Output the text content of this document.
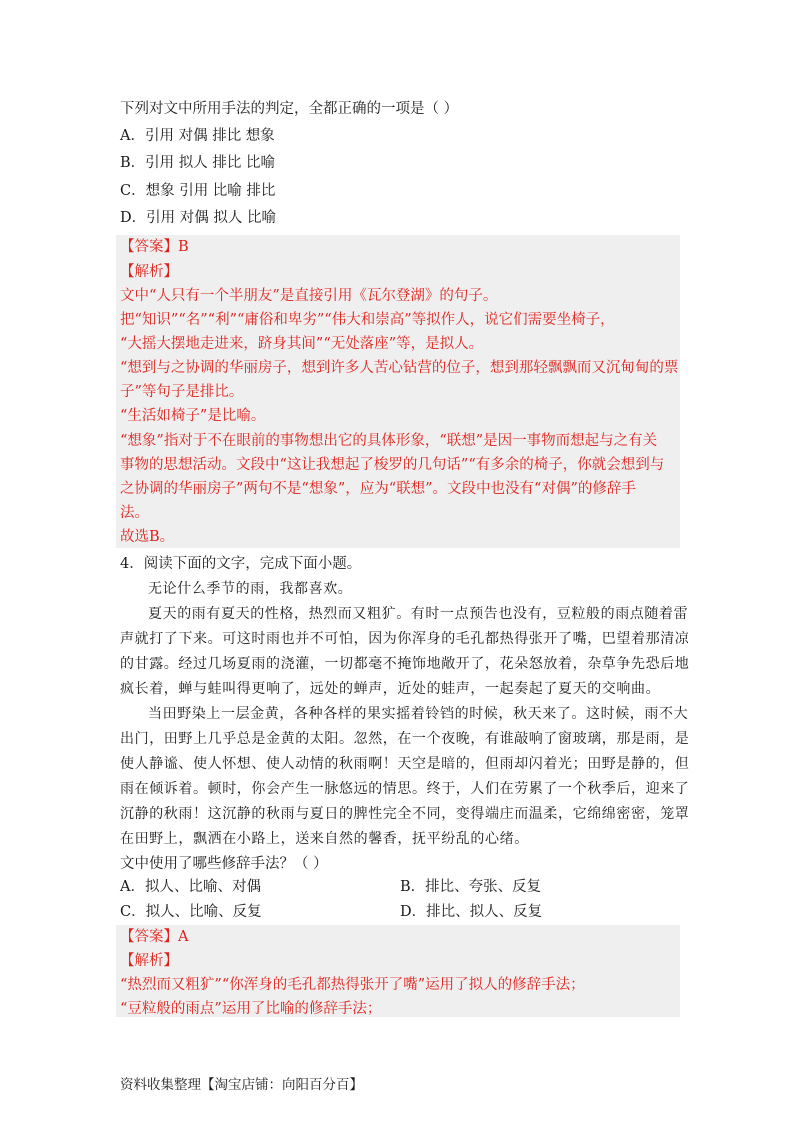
下列对文中所用手法的判定，全都正确的一项是（ ）
A．引用 对偶 排比 想象
B．引用 拟人 排比 比喻
C．想象 引用 比喻 排比
D．引用 对偶 拟人 比喻
【答案】B
【解析】
文中“人只有一个半朋友”是直接引用《瓦尔登湖》的句子。
把“知识”“名”“利”“庸俗和卑劣”“伟大和崇高”等拟作人，说它们需要坐椅子，
“大摇大摆地走进来，跻身其间”“无处落座”等，是拟人。
“想到与之协调的华丽房子，想到许多人苦心钻营的位子，想到那轻飘飘而又沉甸甸的票
子”等句子是排比。
“生活如椅子”是比喻。
“想象”指对于不在眼前的事物想出它的具体形象，“联想”是因一事物而想起与之有关
事物的思想活动。文段中“这让我想起了梭罗的几句话”“有多余的椅子，你就会想到与
之协调的华丽房子”两句不是“想象”，应为“联想”。文段中也没有“对偶”的修辞手
法。
故选B。
4．阅读下面的文字，完成下面小题。
无论什么季节的雨，我都喜欢。
夏天的雨有夏天的性格，热烈而又粗犷。有时一点预告也没有，豆粒般的雨点随着雷
声就打了下来。可这时雨也并不可怕，因为你浑身的毛孔都热得张开了嘴，巴望着那清凉
的甘露。经过几场夏雨的浇灌，一切都毫不掩饰地敞开了，花朵怒放着，杂草争先恐后地
疯长着，蝉与蛙叫得更响了，远处的蝉声，近处的蛙声，一起奏起了夏天的交响曲。
当田野染上一层金黄，各种各样的果实摇着铃铛的时候，秋天来了。这时候，雨不大
出门，田野上几乎总是金黄的太阳。忽然，在一个夜晚，有谁敲响了窗玻璃，那是雨，是
使人静谧、使人怀想、使人动情的秋雨啊！天空是暗的，但雨却闪着光；田野是静的，但
雨在倾诉着。顿时，你会产生一脉悠远的情思。终于，人们在劳累了一个秋季后，迎来了
沉静的秋雨！这沉静的秋雨与夏日的脾性完全不同，变得端庄而温柔，它绵绵密密，笼罩
在田野上，飘洒在小路上，送来自然的馨香，抚平纷乱的心绪。
文中使用了哪些修辞手法？（ ）
A．拟人、比喻、对偶	B．排比、夸张、反复
C．拟人、比喻、反复	D．排比、拟人、反复
【答案】A
【解析】
“热烈而又粗犷”“你浑身的毛孔都热得张开了嘴”运用了拟人的修辞手法；
“豆粒般的雨点”运用了比喻的修辞手法；
资料收集整理【淘宝店铺：向阳百分百】
